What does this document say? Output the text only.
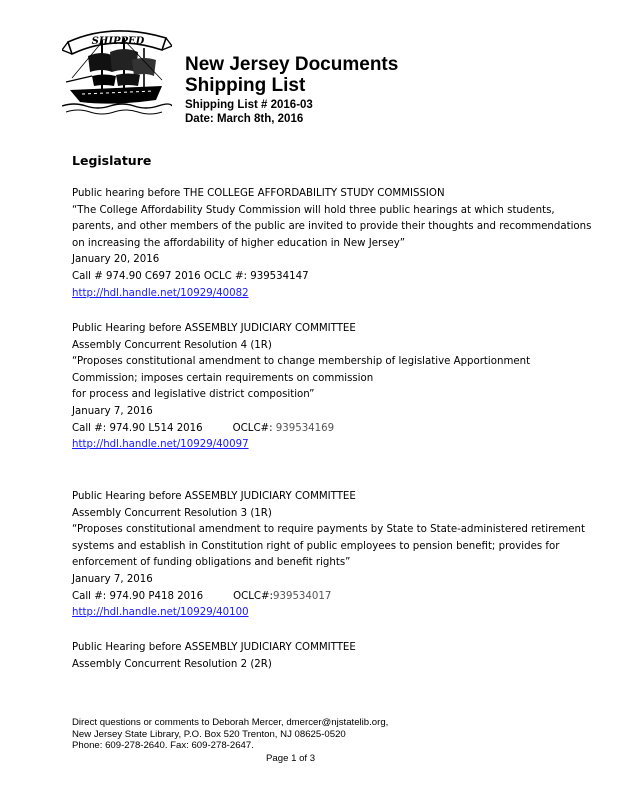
SHIPPED
New Jersey Documents
Shipping List
Shipping List # 2016-03
Date: March 8th, 2016
Legislature
Public hearing before THE COLLEGE AFFORDABILITY STUDY COMMISSION
“The College Affordability Study Commission will hold three public hearings at which students,
parents, and other members of the public are invited to provide their thoughts and recommendations
on increasing the affordability of higher education in New Jersey”
January 20, 2016
Call # 974.90 C697 2016 OCLC #: 939534147
http://hdl.handle.net/10929/40082
Public Hearing before ASSEMBLY JUDICIARY COMMITTEE
Assembly Concurrent Resolution 4 (1R)
“Proposes constitutional amendment to change membership of legislative Apportionment
Commission; imposes certain requirements on commission
for process and legislative district composition”
January 7, 2016
Call #: 974.90 L514 2016	OCLC#: 939534169
http://hdl.handle.net/10929/40097
Public Hearing before ASSEMBLY JUDICIARY COMMITTEE
Assembly Concurrent Resolution 3 (1R)
“Proposes constitutional amendment to require payments by State to State-administered retirement
systems and establish in Constitution right of public employees to pension benefit; provides for
enforcement of funding obligations and benefit rights”
January 7, 2016
Call #: 974.90 P418 2016	OCLC#:939534017
http://hdl.handle.net/10929/40100
Public Hearing before ASSEMBLY JUDICIARY COMMITTEE
Assembly Concurrent Resolution 2 (2R)
Direct questions or comments to Deborah Mercer, dmercer@njstatelib.org,
New Jersey State Library, P.O. Box 520 Trenton, NJ 08625-0520
Phone: 609-278-2640. Fax: 609-278-2647.
Page 1 of 3
